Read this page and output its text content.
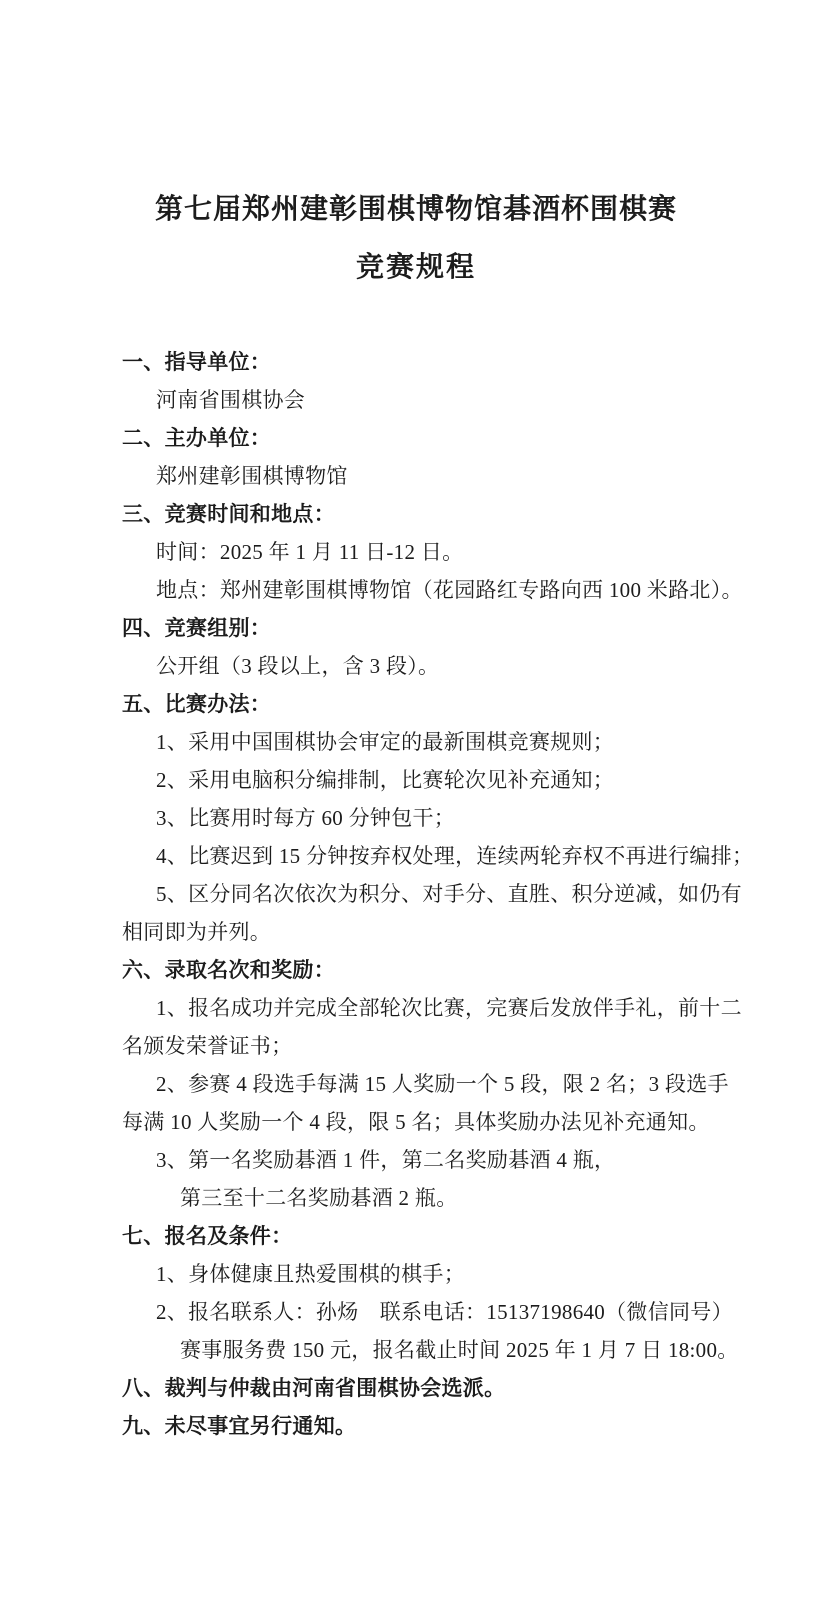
第七届郑州建彰围棋博物馆碁酒杯围棋赛
竞赛规程
一、指导单位：
河南省围棋协会
二、主办单位：
郑州建彰围棋博物馆
三、竞赛时间和地点：
时间：2025 年 1 月 11 日-12 日。
地点：郑州建彰围棋博物馆（花园路红专路向西 100 米路北）。
四、竞赛组别：
公开组（3 段以上，含 3 段）。
五、比赛办法：
1、采用中国围棋协会审定的最新围棋竞赛规则；
2、采用电脑积分编排制，比赛轮次见补充通知；
3、比赛用时每方 60 分钟包干；
4、比赛迟到 15 分钟按弃权处理，连续两轮弃权不再进行编排；
5、区分同名次依次为积分、对手分、直胜、积分逆减，如仍有
相同即为并列。
六、录取名次和奖励：
1、报名成功并完成全部轮次比赛，完赛后发放伴手礼，前十二
名颁发荣誉证书；
2、参赛 4 段选手每满 15 人奖励一个 5 段，限 2 名；3 段选手
每满 10 人奖励一个 4 段，限 5 名；具体奖励办法见补充通知。
3、第一名奖励碁酒 1 件，第二名奖励碁酒 4 瓶，
第三至十二名奖励碁酒 2 瓶。
七、报名及条件：
1、身体健康且热爱围棋的棋手；
2、报名联系人：孙炀　联系电话：15137198640（微信同号）
赛事服务费 150 元，报名截止时间 2025 年 1 月 7 日 18:00。
八、裁判与仲裁由河南省围棋协会选派。
九、未尽事宜另行通知。
